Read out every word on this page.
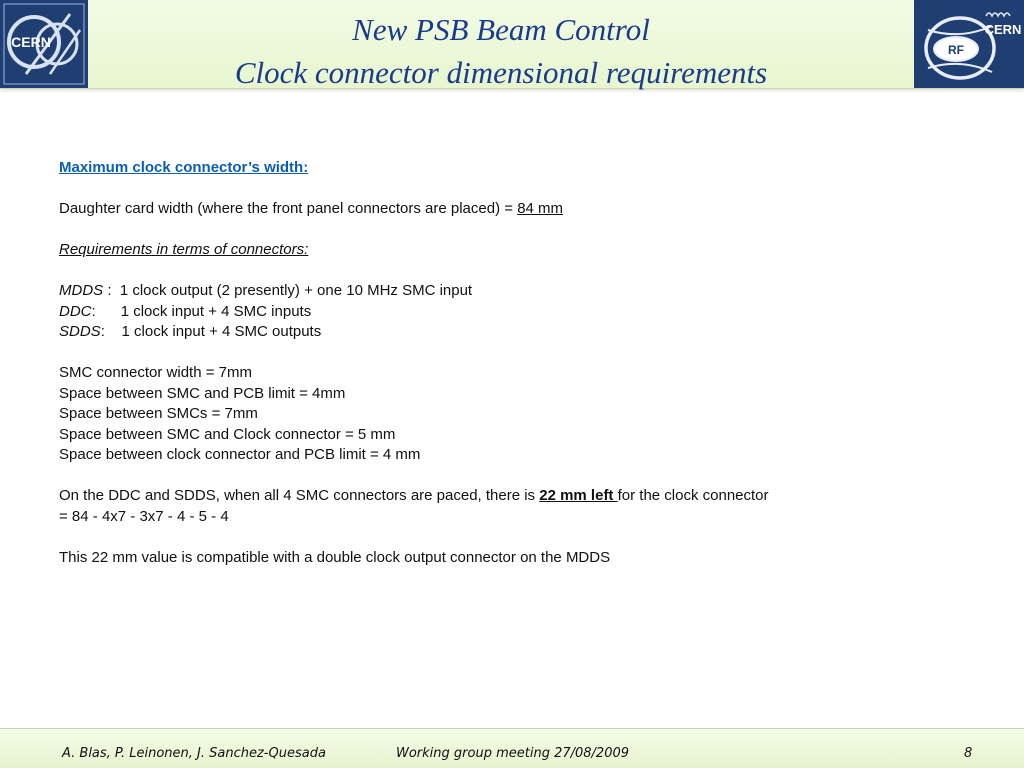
CERN	New PSB Beam Control
Clock connector dimensional requirements
RF
CERN
Maximum clock connector’s width:
Daughter card width (where the front panel connectors are placed) = 84 mm
Requirements in terms of connectors:
MDDS :  1 clock output (2 presently) + one 10 MHz SMC input
DDC:      1 clock input + 4 SMC inputs
SDDS:    1 clock input + 4 SMC outputs
SMC connector width = 7mm
Space between SMC and PCB limit = 4mm
Space between SMCs = 7mm
Space between SMC and Clock connector = 5 mm
Space between clock connector and PCB limit = 4 mm
On the DDC and SDDS, when all 4 SMC connectors are paced, there is 22 mm left for the clock connector
= 84 - 4x7 - 3x7 - 4 - 5 - 4
This 22 mm value is compatible with a double clock output connector on the MDDS
A. Blas, P. Leinonen, J. Sanchez-Quesada	Working group meeting 27/08/2009	8
